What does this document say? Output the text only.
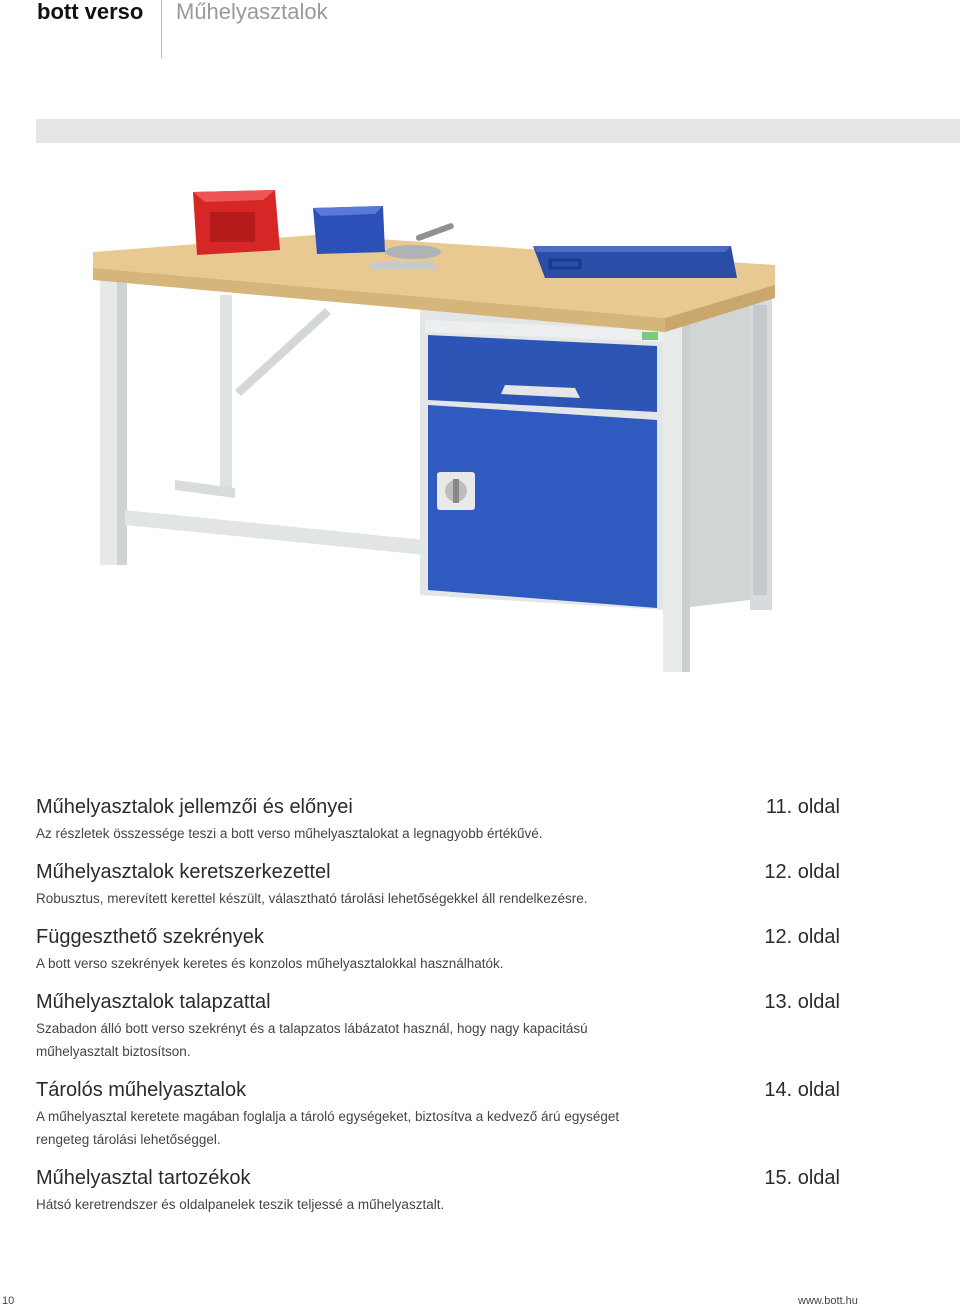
bott verso Műhelyasztalok
Műhelyasztalok jellemzői és előnyei
Az részletek összessége teszi a bott verso műhelyasztalokat a legnagyobb értékűvé.
11. oldal
Műhelyasztalok keretszerkezettel
Robusztus, merevített kerettel készült, választható tárolási lehetőségekkel áll rendelkezésre.
12. oldal
Függeszthető szekrények
A bott verso szekrények keretes és konzolos műhelyasztalokkal használhatók.
12. oldal
Műhelyasztalok talapzattal
Szabadon álló bott verso szekrényt és a talapzatos lábázatot használ, hogy nagy kapacitású műhelyasztalt biztosítson.
13. oldal
Tárolós műhelyasztalok
A műhelyasztal keretete magában foglalja a tároló egységeket, biztosítva a kedvező árú egységet rengeteg tárolási lehetőséggel.
14. oldal
Műhelyasztal tartozékok
Hátsó keretrendszer és oldalpanelek teszik teljessé a műhelyasztalt.
15. oldal
10	www.bott.hu
